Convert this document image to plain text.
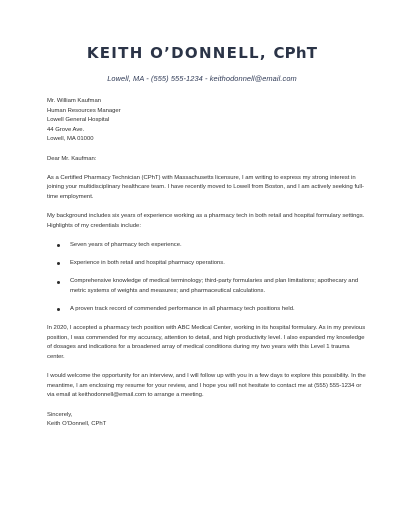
KEITH O’DONNELL, CPhT
Lowell, MA - (555) 555-1234 - keithodonnell@email.com

Mr. William Kaufman
Human Resources Manager
Lowell General Hospital
44 Grove Ave.
Lowell, MA 01000

Dear Mr. Kaufman:

As a Certified Pharmacy Technician (CPhT) with Massachusetts licensure, I am writing to express my strong interest in joining your multidisciplinary healthcare team. I have recently moved to Lowell from Boston, and I am actively seeking full-time employment.

My background includes six years of experience working as a pharmacy tech in both retail and hospital formulary settings. Highlights of my credentials include:

Seven years of pharmacy tech experience.
Experience in both retail and hospital pharmacy operations.
Comprehensive knowledge of medical terminology; third-party formularies and plan limitations; apothecary and metric systems of weights and measures; and pharmaceutical calculations.
A proven track record of commended performance in all pharmacy tech positions held.

In 2020, I accepted a pharmacy tech position with ABC Medical Center, working in its hospital formulary. As in my previous position, I was commended for my accuracy, attention to detail, and high productivity level. I also expanded my knowledge of dosages and indications for a broadened array of medical conditions during my two years with this Level 1 trauma center.

I would welcome the opportunity for an interview, and I will follow up with you in a few days to explore this possibility. In the meantime, I am enclosing my resume for your review, and I hope you will not hesitate to contact me at (555) 555-1234 or via email at keithodonnell@email.com to arrange a meeting.

Sincerely,
Keith O’Donnell, CPhT
